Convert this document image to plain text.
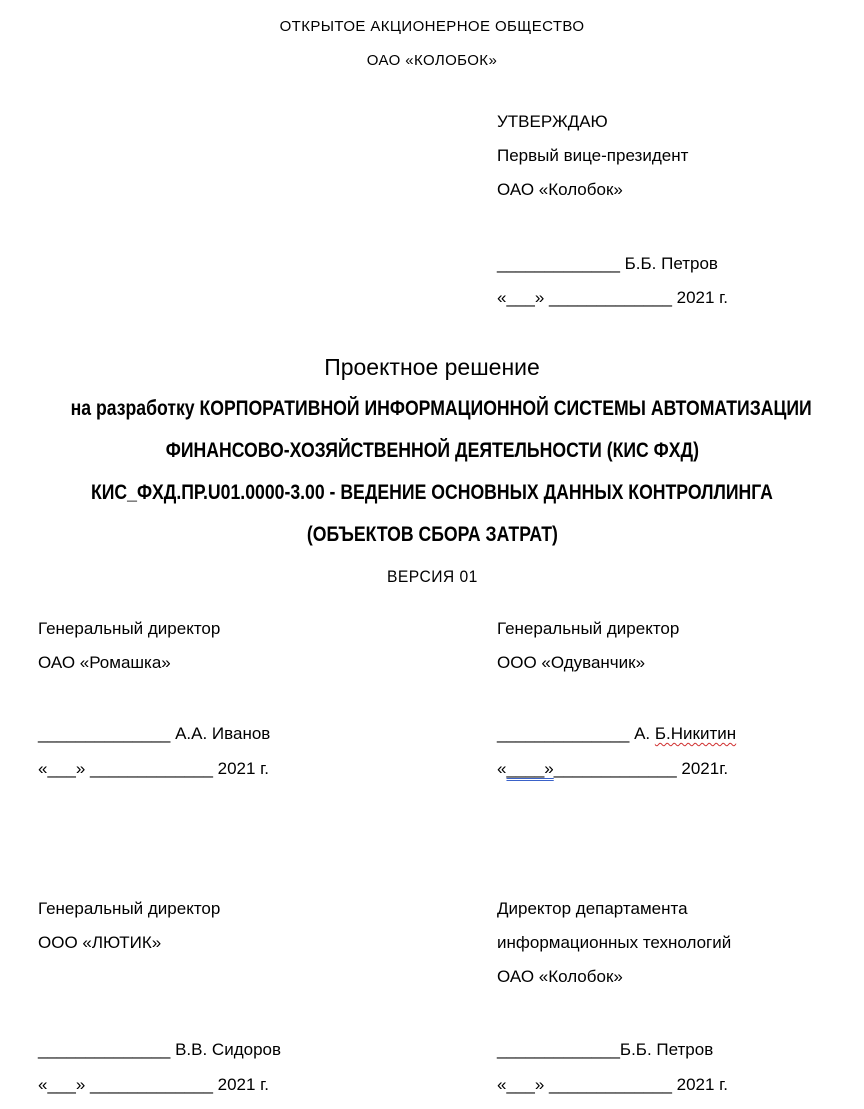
ОТКРЫТОЕ АКЦИОНЕРНОЕ ОБЩЕСТВО
ОАО «КОЛОБОК»
УТВЕРЖДАЮ
Первый вице-президент
ОАО «Колобок»
_____________ Б.Б. Петров
«___» _____________ 2021 г.
Проектное решение
на разработку КОРПОРАТИВНОЙ ИНФОРМАЦИОННОЙ СИСТЕМЫ АВТОМАТИЗАЦИИ
ФИНАНСОВО-ХОЗЯЙСТВЕННОЙ ДЕЯТЕЛЬНОСТИ (КИС ФХД)
КИС_ФХД.ПР.U01.0000-3.00 - ВЕДЕНИЕ ОСНОВНЫХ ДАННЫХ КОНТРОЛЛИНГА
(ОБЪЕКТОВ СБОРА ЗАТРАТ)
ВЕРСИЯ 01
Генеральный директор
ОАО «Ромашка»
______________ А.А. Иванов
«___» _____________ 2021 г.
Генеральный директор
ООО «Одуванчик»
______________ А. Б.Никитин
«____»_____________ 2021г.
Генеральный директор
ООО «ЛЮТИК»
______________ В.В. Сидоров
«___» _____________ 2021 г.
Директор департамента
информационных технологий
ОАО «Колобок»
_____________Б.Б. Петров
«___» _____________ 2021 г.
